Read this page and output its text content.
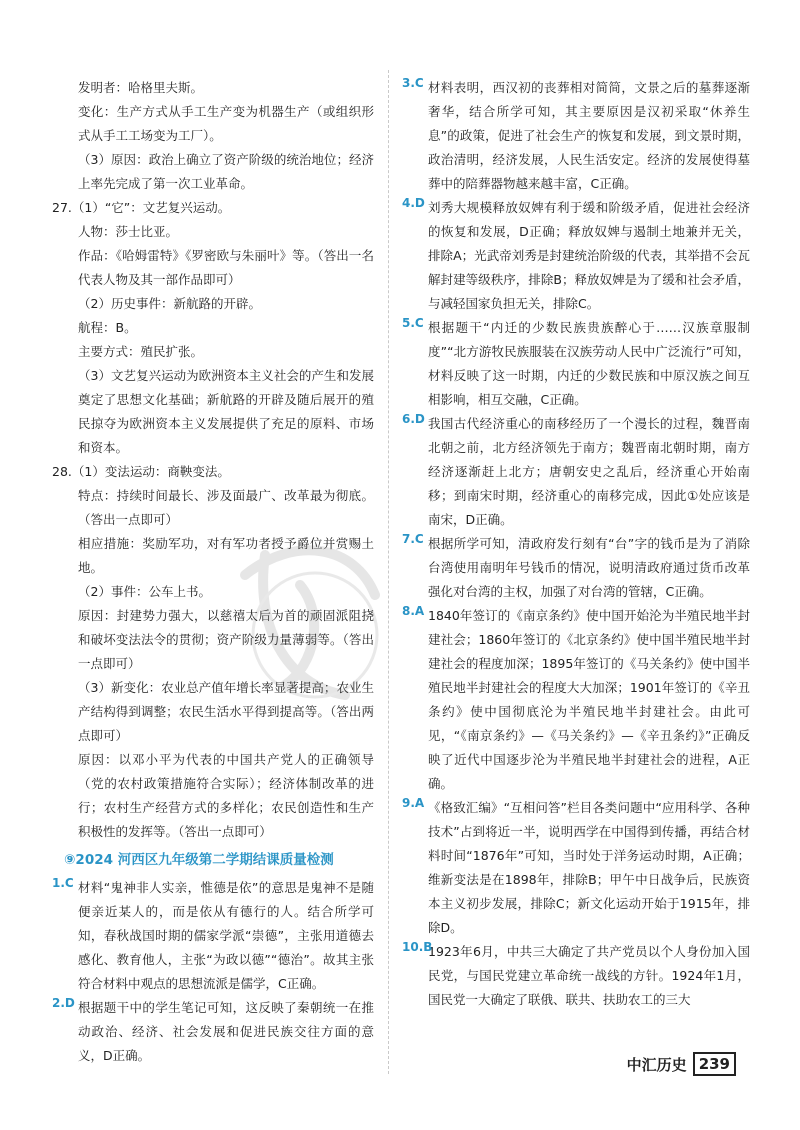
发明者：哈格里夫斯。

变化：生产方式从手工生产变为机器生产（或组织形式从手工工场变为工厂）。

（3）原因：政治上确立了资产阶级的统治地位；经济上率先完成了第一次工业革命。

27.（1）“它”：文艺复兴运动。

人物：莎士比亚。

作品：《哈姆雷特》《罗密欧与朱丽叶》等。（答出一名代表人物及其一部作品即可）

（2）历史事件：新航路的开辟。

航程：B。

主要方式：殖民扩张。

（3）文艺复兴运动为欧洲资本主义社会的产生和发展奠定了思想文化基础；新航路的开辟及随后展开的殖民掠夺为欧洲资本主义发展提供了充足的原料、市场和资本。

28.（1）变法运动：商鞅变法。

特点：持续时间最长、涉及面最广、改革最为彻底。（答出一点即可）

相应措施：奖励军功，对有军功者授予爵位并赏赐土地。

（2）事件：公车上书。

原因：封建势力强大，以慈禧太后为首的顽固派阻挠和破坏变法法令的贯彻；资产阶级力量薄弱等。（答出一点即可）

（3）新变化：农业总产值年增长率显著提高；农业生产结构得到调整；农民生活水平得到提高等。（答出两点即可）

原因：以邓小平为代表的中国共产党人的正确领导（党的农村政策措施符合实际）；经济体制改革的进行；农村生产经营方式的多样化；农民创造性和生产积极性的发挥等。（答出一点即可）

⑨2024 河西区九年级第二学期结课质量检测
1.C 材料“鬼神非人实亲，惟德是依”的意思是鬼神不是随便亲近某人的，而是依从有德行的人。结合所学可知，春秋战国时期的儒家学派“崇德”，主张用道德去感化、教育他人，主张“为政以德”“德治”。故其主张符合材料中观点的思想流派是儒学，C正确。

2.D 根据题干中的学生笔记可知，这反映了秦朝统一在推动政治、经济、社会发展和促进民族交往方面的意义，D正确。

3.C 材料表明，西汉初的丧葬相对简简，文景之后的墓葬逐渐奢华，结合所学可知，其主要原因是汉初采取“休养生息”的政策，促进了社会生产的恢复和发展，到文景时期，政治清明，经济发展，人民生活安定。经济的发展使得墓葬中的陪葬器物越来越丰富，C正确。

4.D 刘秀大规模释放奴婢有利于缓和阶级矛盾，促进社会经济的恢复和发展，D正确；释放奴婢与遏制土地兼并无关，排除A；光武帝刘秀是封建统治阶级的代表，其举措不会瓦解封建等级秩序，排除B；释放奴婢是为了缓和社会矛盾，与减轻国家负担无关，排除C。

5.C 根据题干“内迁的少数民族贵族醉心于……汉族章服制度”“北方游牧民族服装在汉族劳动人民中广泛流行”可知，材料反映了这一时期，内迁的少数民族和中原汉族之间互相影响，相互交融，C正确。

6.D 我国古代经济重心的南移经历了一个漫长的过程，魏晋南北朝之前，北方经济领先于南方；魏晋南北朝时期，南方经济逐渐赶上北方；唐朝安史之乱后，经济重心开始南移；到南宋时期，经济重心的南移完成，因此①处应该是南宋，D正确。

7.C 根据所学可知，清政府发行刻有“台”字的钱币是为了消除台湾使用南明年号钱币的情况，说明清政府通过货币改革强化对台湾的主权，加强了对台湾的管辖，C正确。

8.A 1840年签订的《南京条约》使中国开始沦为半殖民地半封建社会；1860年签订的《北京条约》使中国半殖民地半封建社会的程度加深；1895年签订的《马关条约》使中国半殖民地半封建社会的程度大大加深；1901年签订的《辛丑条约》使中国彻底沦为半殖民地半封建社会。由此可见，“《南京条约》—《马关条约》—《辛丑条约》”正确反映了近代中国逐步沦为半殖民地半封建社会的进程，A正确。

9.A 《格致汇编》“互相问答”栏目各类问题中“应用科学、各种技术”占到将近一半，说明西学在中国得到传播，再结合材料时间“1876年”可知，当时处于洋务运动时期，A正确；维新变法是在1898年，排除B；甲午中日战争后，民族资本主义初步发展，排除C；新文化运动开始于1915年，排除D。

10.B

1923年6月，中共三大确定了共产党员以个人身份加入国民党，与国民党建立革命统一战线的方针。1924年1月，国民党一大确定了联俄、联共、扶助农工的三大

中汇历史 239
